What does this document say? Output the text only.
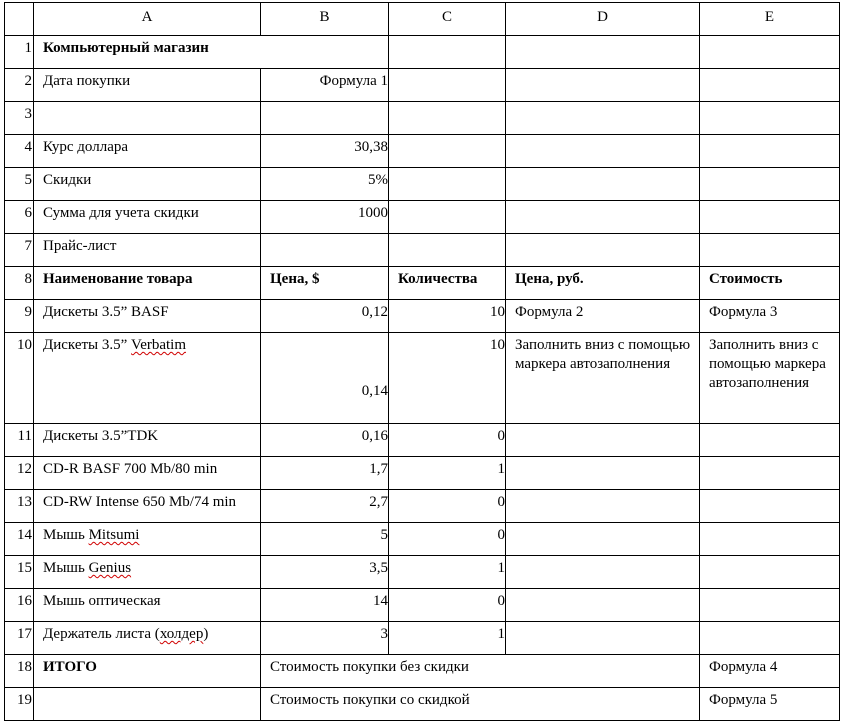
	A	B	C	D	E
1	Компьютерный магазин				
2	Дата покупки	Формула 1			
3					
4	Курс доллара	30,38			
5	Скидки	5%			
6	Сумма для учета скидки	1000			
7	Прайс-лист				
8	Наименование товара	Цена, $	Количества	Цена, руб.	Стоимость
9	Дискеты 3.5” BASF	0,12	10	Формула 2	Формула 3
10	Дискеты 3.5” Verbatim	0,14	10	Заполнить вниз с помощью маркера автозаполнения	Заполнить вниз с помощью маркера автозаполнения
11	Дискеты 3.5”TDK	0,16	0		
12	CD-R BASF 700 Mb/80 min	1,7	1		
13	CD-RW Intense 650 Mb/74 min	2,7	0		
14	Мышь Mitsumi	5	0		
15	Мышь Genius	3,5	1		
16	Мышь оптическая	14	0		
17	Держатель листа (холдер)	3	1		
18	ИТОГО	Стоимость покупки без скидки			Формула 4
19		Стоимость покупки со скидкой			Формула 5
